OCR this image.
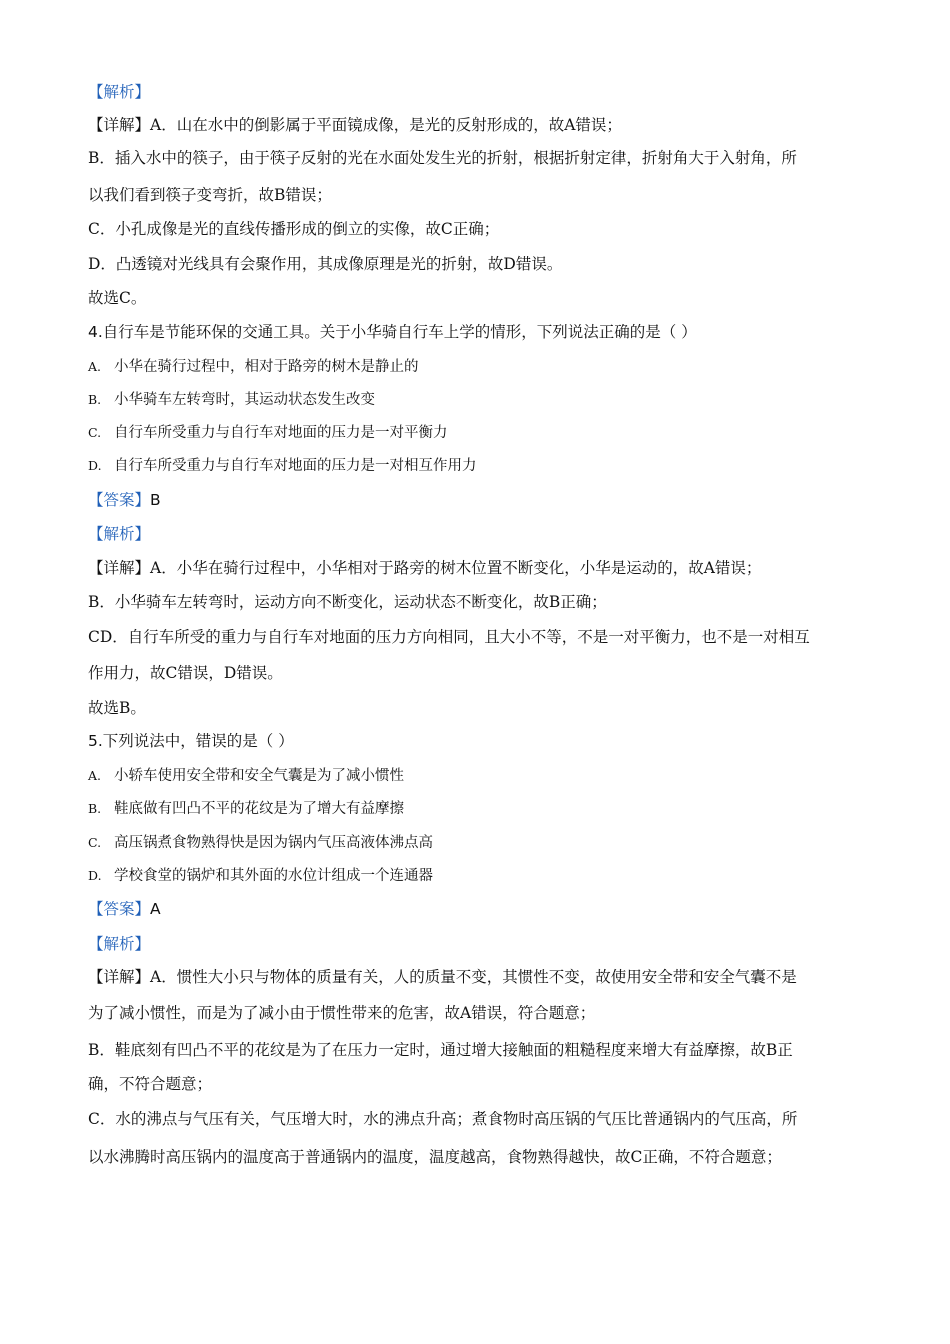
【解析】
【详解】A．山在水中的倒影属于平面镜成像，是光的反射形成的，故A错误；
B．插入水中的筷子，由于筷子反射的光在水面处发生光的折射，根据折射定律，折射角大于入射角，所
以我们看到筷子变弯折，故B错误；
C．小孔成像是光的直线传播形成的倒立的实像，故C正确；
D．凸透镜对光线具有会聚作用，其成像原理是光的折射，故D错误。
故选C。
4.自行车是节能环保的交通工具。关于小华骑自行车上学的情形，下列说法正确的是（ ）
A. 小华在骑行过程中，相对于路旁的树木是静止的
B. 小华骑车左转弯时，其运动状态发生改变
C. 自行车所受重力与自行车对地面的压力是一对平衡力
D. 自行车所受重力与自行车对地面的压力是一对相互作用力
【答案】B
【解析】
【详解】A．小华在骑行过程中，小华相对于路旁的树木位置不断变化，小华是运动的，故A错误；
B．小华骑车左转弯时，运动方向不断变化，运动状态不断变化，故B正确；
CD．自行车所受的重力与自行车对地面的压力方向相同，且大小不等，不是一对平衡力，也不是一对相互
作用力，故C错误，D错误。
故选B。
5.下列说法中，错误的是（ ）
A. 小轿车使用安全带和安全气囊是为了减小惯性
B. 鞋底做有凹凸不平的花纹是为了增大有益摩擦
C. 高压锅煮食物熟得快是因为锅内气压高液体沸点高
D. 学校食堂的锅炉和其外面的水位计组成一个连通器
【答案】A
【解析】
【详解】A．惯性大小只与物体的质量有关，人的质量不变，其惯性不变，故使用安全带和安全气囊不是
为了减小惯性，而是为了减小由于惯性带来的危害，故A错误，符合题意；
B．鞋底刻有凹凸不平的花纹是为了在压力一定时，通过增大接触面的粗糙程度来增大有益摩擦，故B正
确，不符合题意；
C．水的沸点与气压有关，气压增大时，水的沸点升高；煮食物时高压锅的气压比普通锅内的气压高，所
以水沸腾时高压锅内的温度高于普通锅内的温度，温度越高，食物熟得越快，故C正确，不符合题意；
